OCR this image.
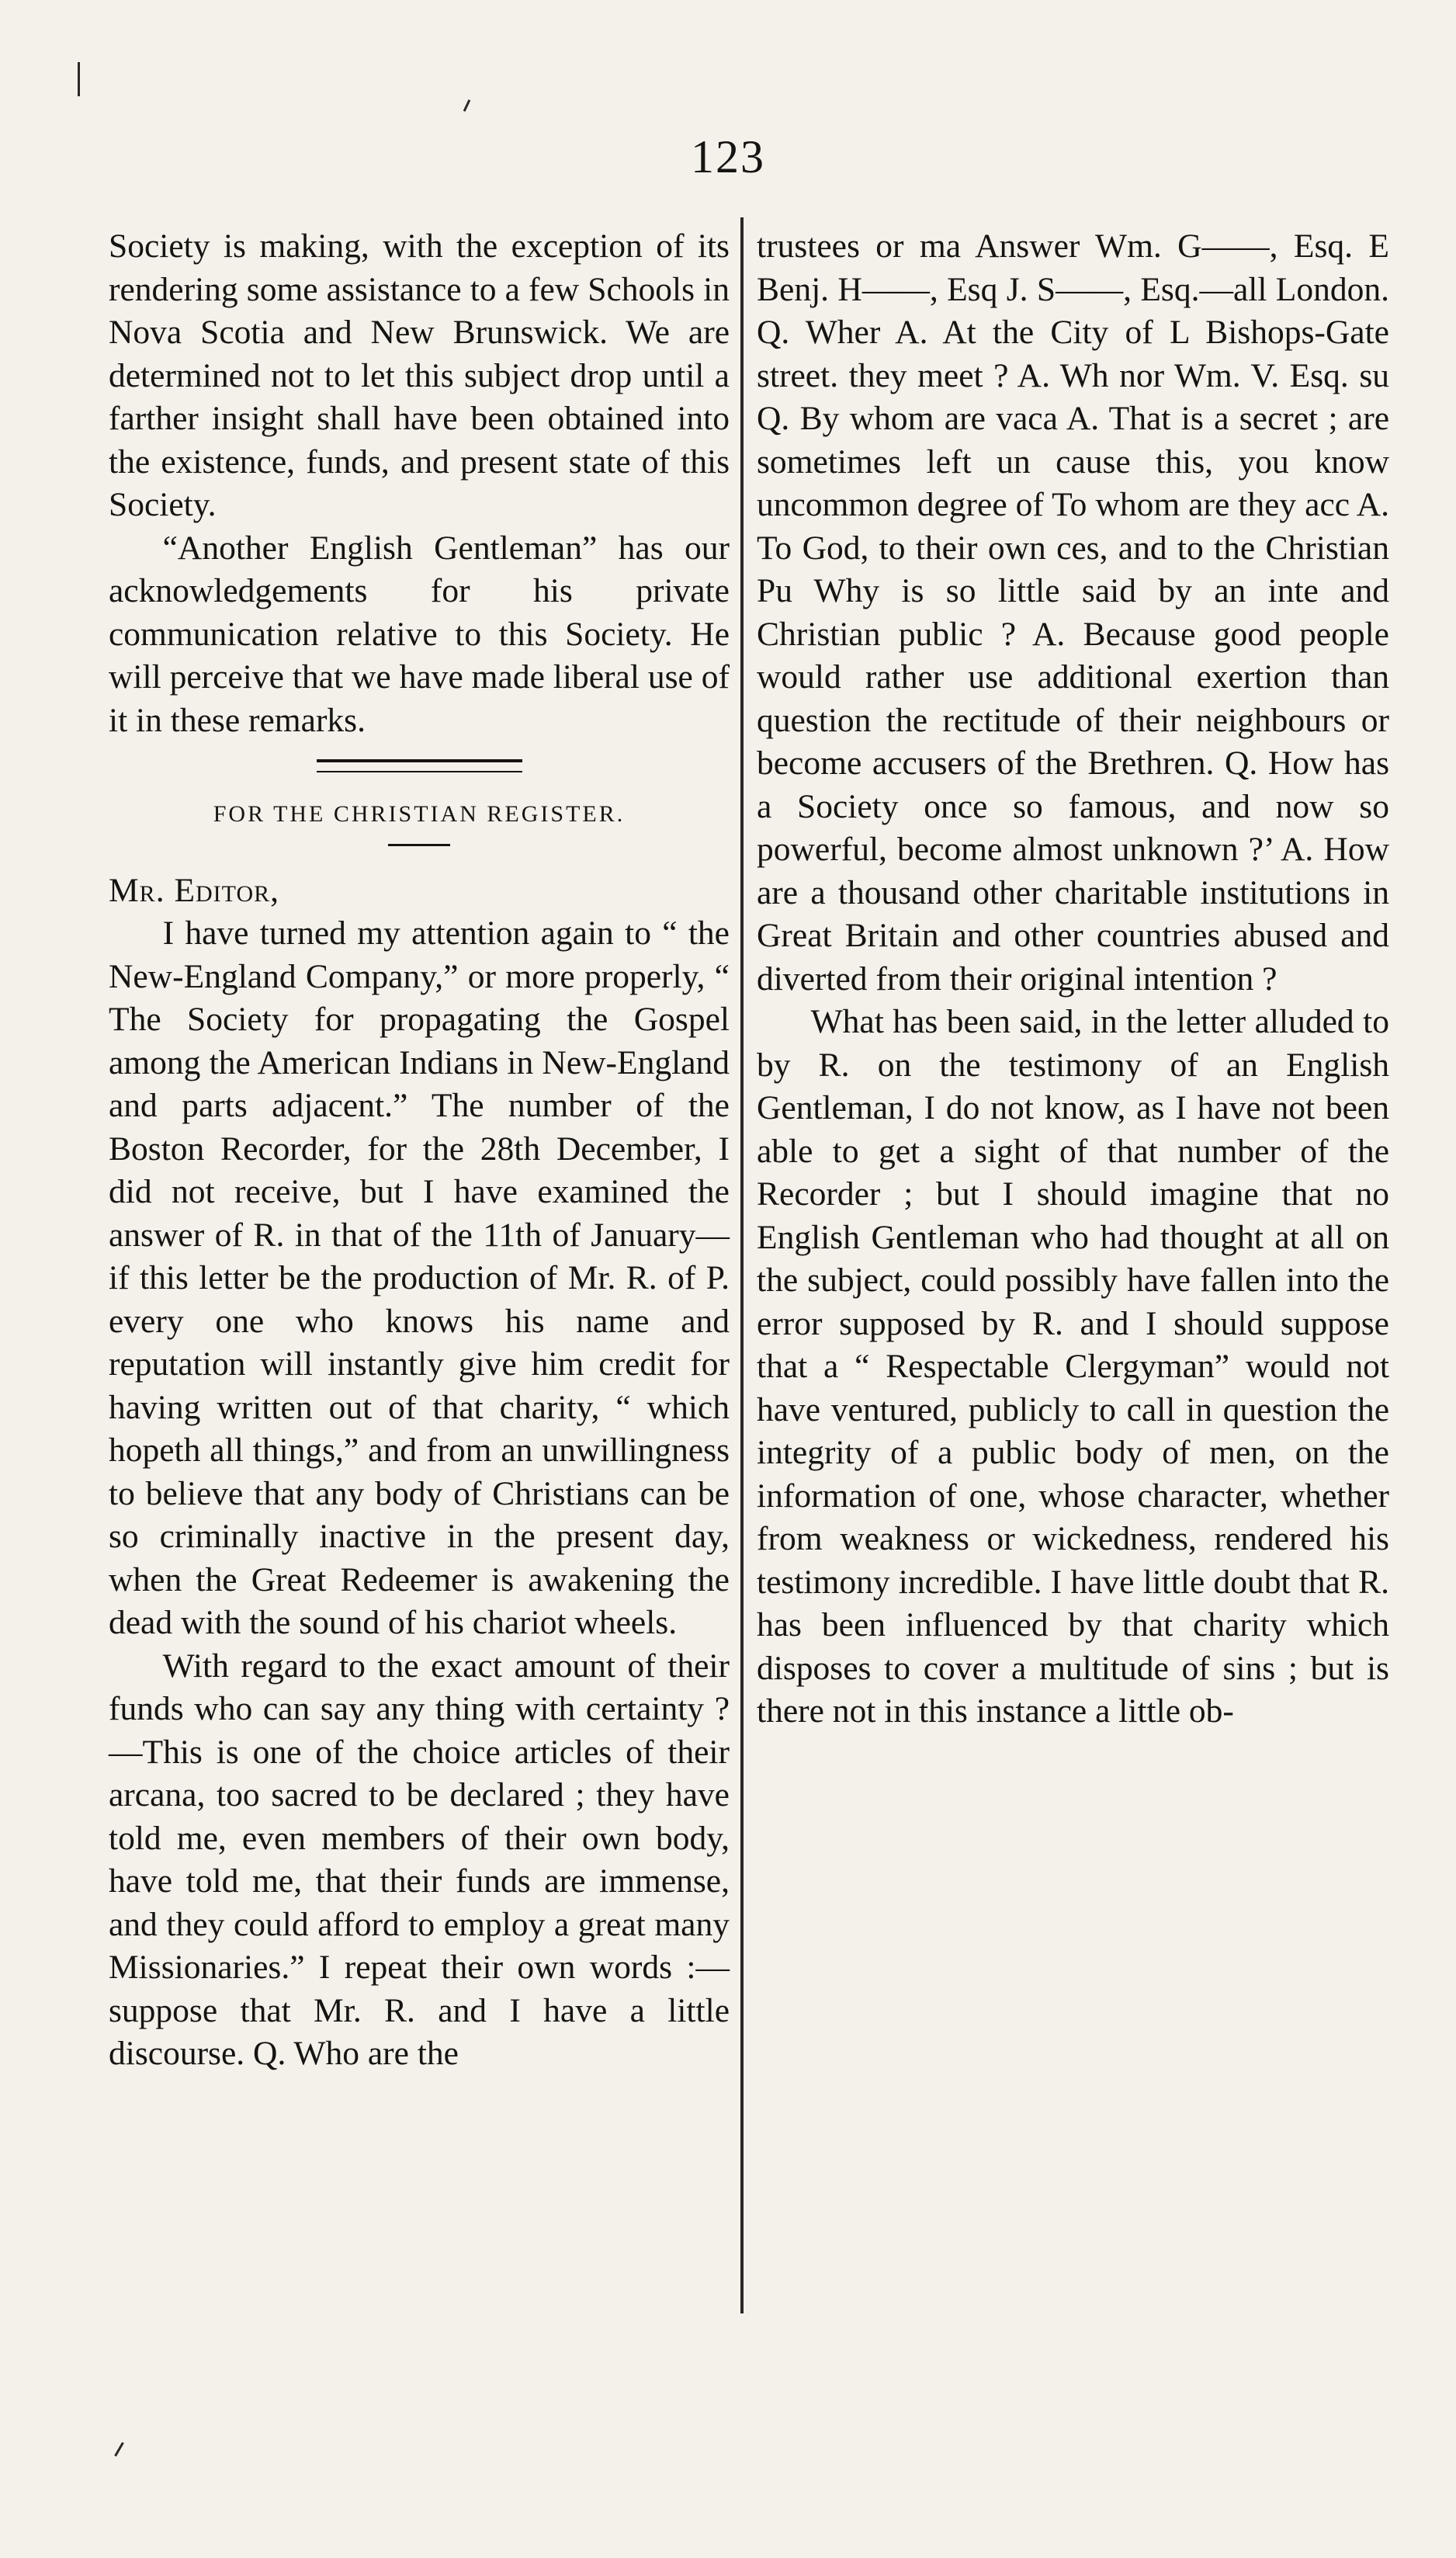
123

Society is making, with the exception of its rendering some assistance to a few Schools in Nova Scotia and New Brunswick. We are determined not to let this subject drop until a farther insight shall have been obtained into the existence, funds, and present state of this Society.

“Another English Gentleman” has our acknowledgements for his private communication relative to this Society. He will perceive that we have made liberal use of it in these remarks.

FOR THE CHRISTIAN REGISTER.

Mr. Editor,

I have turned my attention again to “ the New-England Company,” or more properly, “ The Society for propagating the Gospel among the American Indians in New-England and parts adjacent.” The number of the Boston Recorder, for the 28th December, I did not receive, but I have examined the answer of R. in that of the 11th of January—if this letter be the production of Mr. R. of P. every one who knows his name and reputation will instantly give him credit for having written out of that charity, “ which hopeth all things,” and from an unwillingness to believe that any body of Christians can be so criminally inactive in the present day, when the Great Redeemer is awakening the dead with the sound of his chariot wheels.

With regard to the exact amount of their funds who can say any thing with certainty ?—This is one of the choice articles of their arcana, too sacred to be declared ; they have told me, even members of their own body, have told me, that their funds are immense, and they could afford to employ a great many Missionaries.” I repeat their own words :—suppose that Mr. R. and I have a little discourse. Q. Who are the

trustees or ma Answer Wm. G——, Esq. E Benj. H——, Esq J. S——, Esq.—all London. Q. Wher A. At the City of L Bishops-Gate street. they meet ? A. Wh nor Wm. V. Esq. su Q. By whom are vaca A. That is a secret ; are sometimes left un cause this, you know uncommon degree of To whom are they acc A. To God, to their own ces, and to the Christian Pu Why is so little said by an inte and Christian public ? A. Because good people would rather use additional exertion than question the rectitude of their neighbours or become accusers of the Brethren. Q. How has a Society once so famous, and now so powerful, become almost unknown ?’ A. How are a thousand other charitable institutions in Great Britain and other countries abused and diverted from their original intention ?

What has been said, in the letter alluded to by R. on the testimony of an English Gentleman, I do not know, as I have not been able to get a sight of that number of the Recorder ; but I should imagine that no English Gentleman who had thought at all on the subject, could possibly have fallen into the error supposed by R. and I should suppose that a “ Respectable Clergyman” would not have ventured, publicly to call in question the integrity of a public body of men, on the information of one, whose character, whether from weakness or wickedness, rendered his testimony incredible. I have little doubt that R. has been influenced by that charity which disposes to cover a multitude of sins ; but is there not in this instance a little ob-
